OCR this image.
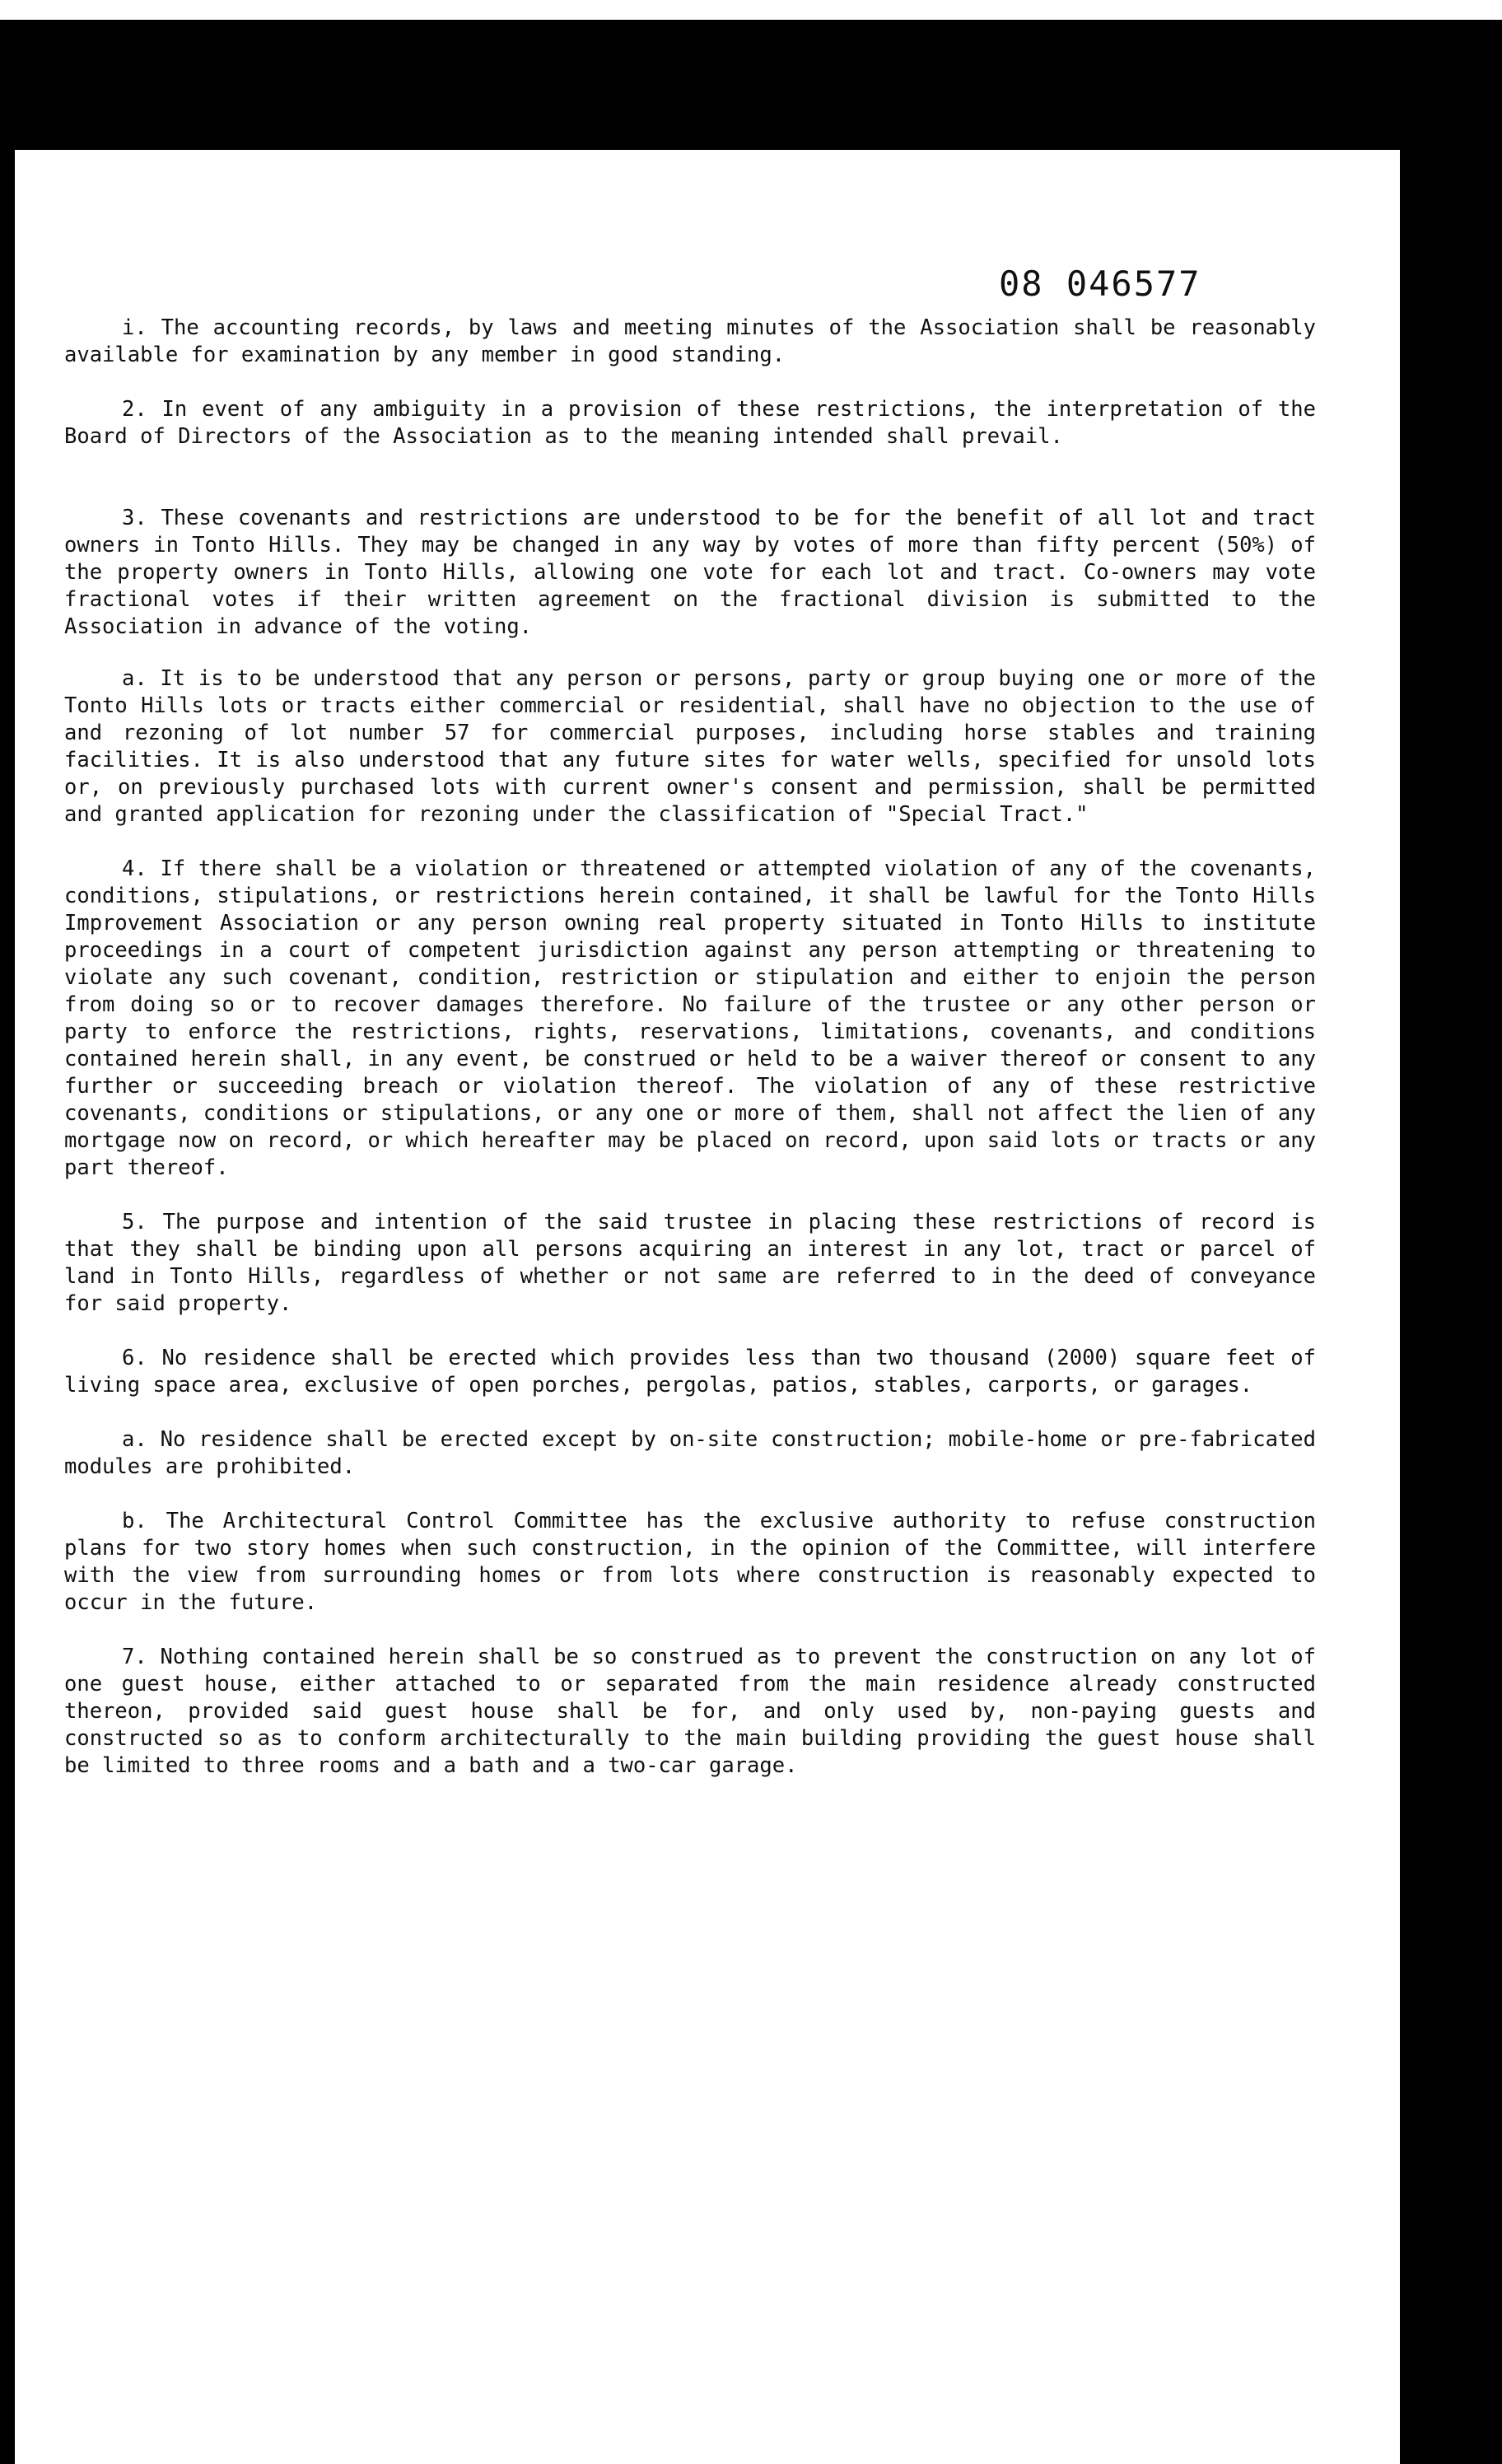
08 046577

i. The accounting records, by laws and meeting minutes of the Association shall be reasonably available for examination by any member in good standing.

2. In event of any ambiguity in a provision of these restrictions, the interpretation of the Board of Directors of the Association as to the meaning intended shall prevail.

3. These covenants and restrictions are understood to be for the benefit of all lot and tract owners in Tonto Hills. They may be changed in any way by votes of more than fifty percent (50%) of the property owners in Tonto Hills, allowing one vote for each lot and tract. Co-owners may vote fractional votes if their written agreement on the fractional division is submitted to the Association in advance of the voting.

a. It is to be understood that any person or persons, party or group buying one or more of the Tonto Hills lots or tracts either commercial or residential, shall have no objection to the use of and rezoning of lot number 57 for commercial purposes, including horse stables and training facilities. It is also understood that any future sites for water wells, specified for unsold lots or, on previously purchased lots with current owner's consent and permission, shall be permitted and granted application for rezoning under the classification of "Special Tract."

4. If there shall be a violation or threatened or attempted violation of any of the covenants, conditions, stipulations, or restrictions herein contained, it shall be lawful for the Tonto Hills Improvement Association or any person owning real property situated in Tonto Hills to institute proceedings in a court of competent jurisdiction against any person attempting or threatening to violate any such covenant, condition, restriction or stipulation and either to enjoin the person from doing so or to recover damages therefore. No failure of the trustee or any other person or party to enforce the restrictions, rights, reservations, limitations, covenants, and conditions contained herein shall, in any event, be construed or held to be a waiver thereof or consent to any further or succeeding breach or violation thereof. The violation of any of these restrictive covenants, conditions or stipulations, or any one or more of them, shall not affect the lien of any mortgage now on record, or which hereafter may be placed on record, upon said lots or tracts or any part thereof.

5. The purpose and intention of the said trustee in placing these restrictions of record is that they shall be binding upon all persons acquiring an interest in any lot, tract or parcel of land in Tonto Hills, regardless of whether or not same are referred to in the deed of conveyance for said property.

6. No residence shall be erected which provides less than two thousand (2000) square feet of living space area, exclusive of open porches, pergolas, patios, stables, carports, or garages.

a. No residence shall be erected except by on-site construction; mobile-home or pre-fabricated modules are prohibited.

b. The Architectural Control Committee has the exclusive authority to refuse construction plans for two story homes when such construction, in the opinion of the Committee, will interfere with the view from surrounding homes or from lots where construction is reasonably expected to occur in the future.

7. Nothing contained herein shall be so construed as to prevent the construction on any lot of one guest house, either attached to or separated from the main residence already constructed thereon, provided said guest house shall be for, and only used by, non-paying guests and constructed so as to conform architecturally to the main building providing the guest house shall be limited to three rooms and a bath and a two-car garage.
